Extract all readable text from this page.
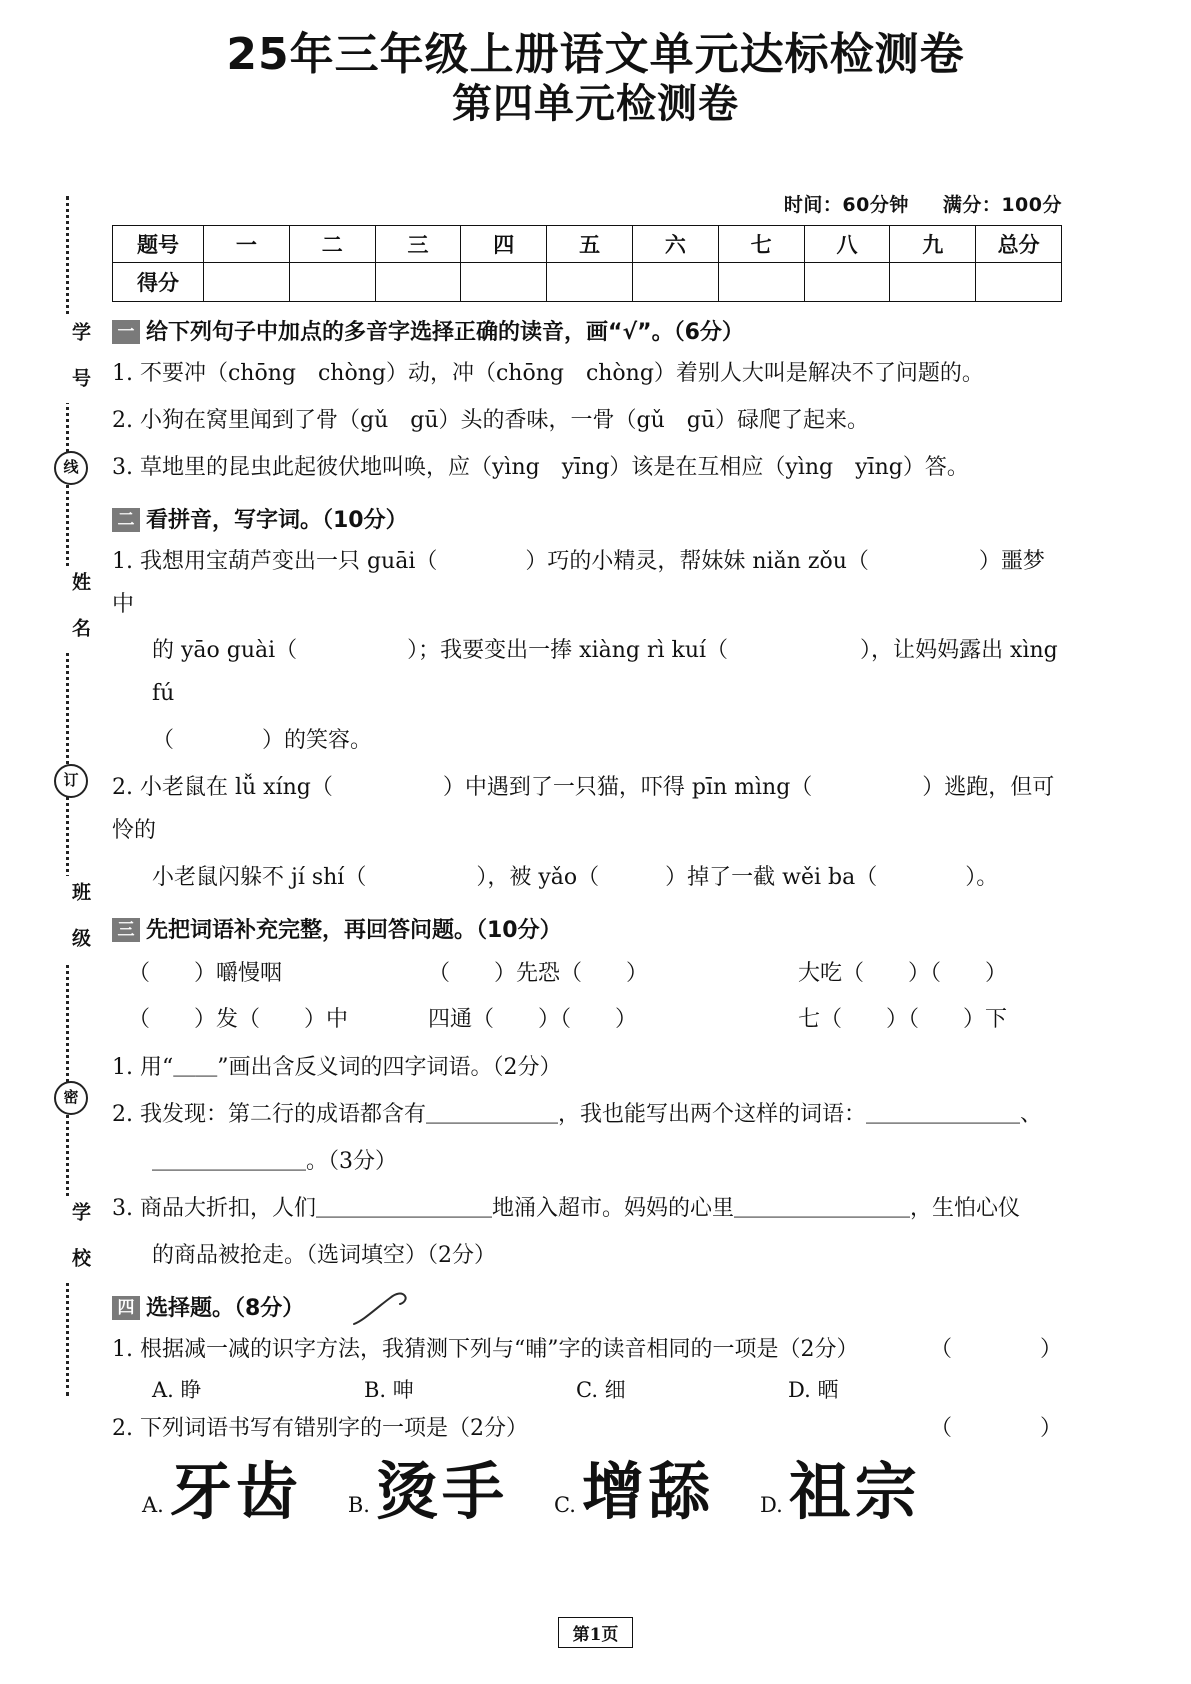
25年三年级上册语文单元达标检测卷
第四单元检测卷
学 号
线
姓 名
订
班 级
密
学 校
时间：60分钟 满分：100分
题号	一	二	三	四	五	六	七	八	九	总分
得分										
一 给下列句子中加点的多音字选择正确的读音，画“√”。（6分）
1. 不要冲（chōng　chòng）动，冲（chōng　chòng）着别人大叫是解决不了问题的。
2. 小狗在窝里闻到了骨（gǔ　gū）头的香味，一骨（gǔ　gū）碌爬了起来。
3. 草地里的昆虫此起彼伏地叫唤，应（yìng　yīng）该是在互相应（yìng　yīng）答。
二 看拼音，写字词。（10分）
1. 我想用宝葫芦变出一只 guāi（　　　　）巧的小精灵，帮妹妹 niǎn zǒu（　　　　　）噩梦中
的 yāo guài（　　　　　）；我要变出一捧 xiàng rì kuí（　　　　　　），让妈妈露出 xìng fú
（　　　　）的笑容。
2. 小老鼠在 lǚ xíng（　　　　　）中遇到了一只猫，吓得 pīn mìng（　　　　　）逃跑，但可怜的
小老鼠闪躲不 jí shí（　　　　　），被 yǎo（　　　）掉了一截 wěi ba（　　　　）。
三 先把词语补充完整，再回答问题。（10分）
（　　）嚼慢咽	（　　）先恐（　　）	大吃（　　）（　　）
（　　）发（　　）中	四通（　　）（　　）	七（　　）（　　）下
1. 用“＿＿”画出含反义词的四字词语。（2分）
2. 我发现：第二行的成语都含有＿＿＿＿＿＿，我也能写出两个这样的词语：＿＿＿＿＿＿＿、
＿＿＿＿＿＿＿。（3分）
3. 商品大折扣，人们＿＿＿＿＿＿＿＿地涌入超市。妈妈的心里＿＿＿＿＿＿＿＿，生怕心仪
的商品被抢走。（选词填空）（2分）
四 选择题。（8分）
1. 根据减一减的识字方法，我猜测下列与“晡”字的读音相同的一项是（2分）	（　　　　）
A. 睁	B. 呻	C. 细	D. 晒
2. 下列词语书写有错别字的一项是（2分）	（　　　　）
A. 牙齿 B. 烫手 C. 增舔 D. 祖宗
第1页
